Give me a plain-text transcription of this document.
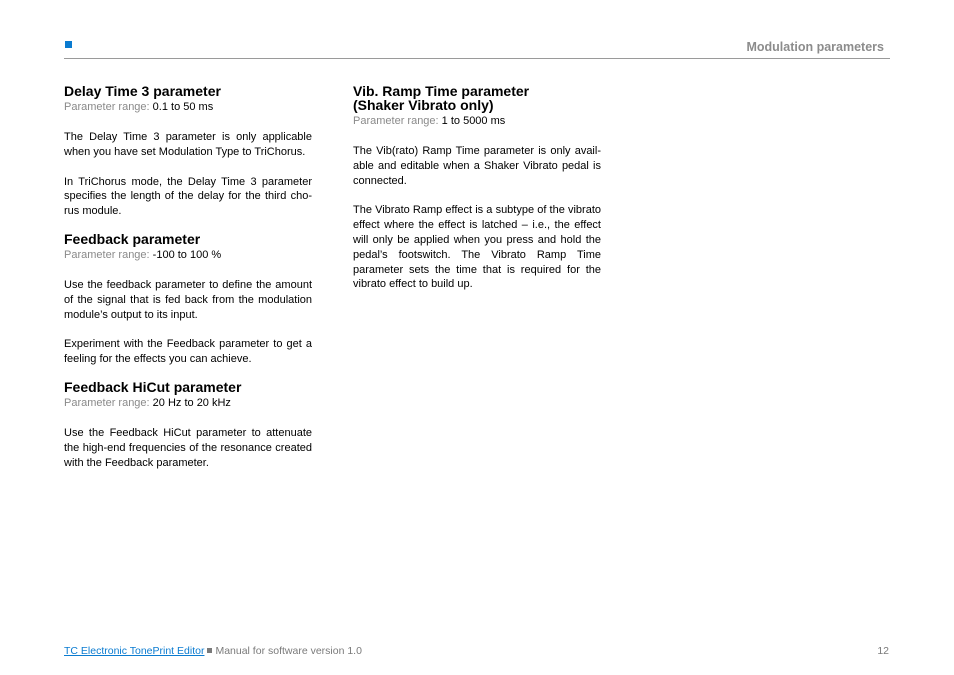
Modulation parameters
Delay Time 3 parameter

Parameter range: 0.1 to 50 ms

The Delay Time 3 parameter is only applicable when you have set Modulation Type to TriChorus.

In TriChorus mode, the Delay Time 3 parameter specifies the length of the delay for the third chorus module.

Feedback parameter

Parameter range: -100 to 100 %

Use the feedback parameter to define the amount of the signal that is fed back from the modulation module’s output to its input.

Experiment with the Feedback parameter to get a feeling for the effects you can achieve.

Feedback HiCut parameter

Parameter range: 20 Hz to 20 kHz

Use the Feedback HiCut parameter to attenuate the high-end frequencies of the resonance created with the Feedback parameter.

Vib. Ramp Time parameter
(Shaker Vibrato only)

Parameter range: 1 to 5000 ms

The Vib(rato) Ramp Time parameter is only available and editable when a Shaker Vibrato pedal is connected.

The Vibrato Ramp effect is a subtype of the vibrato effect where the effect is latched – i.e., the effect will only be applied when you press and hold the pedal’s footswitch. The Vibrato Ramp Time parameter sets the time that is required for the vibrato effect to build up.

TC Electronic TonePrint Editor Manual for software version 1.0	12
